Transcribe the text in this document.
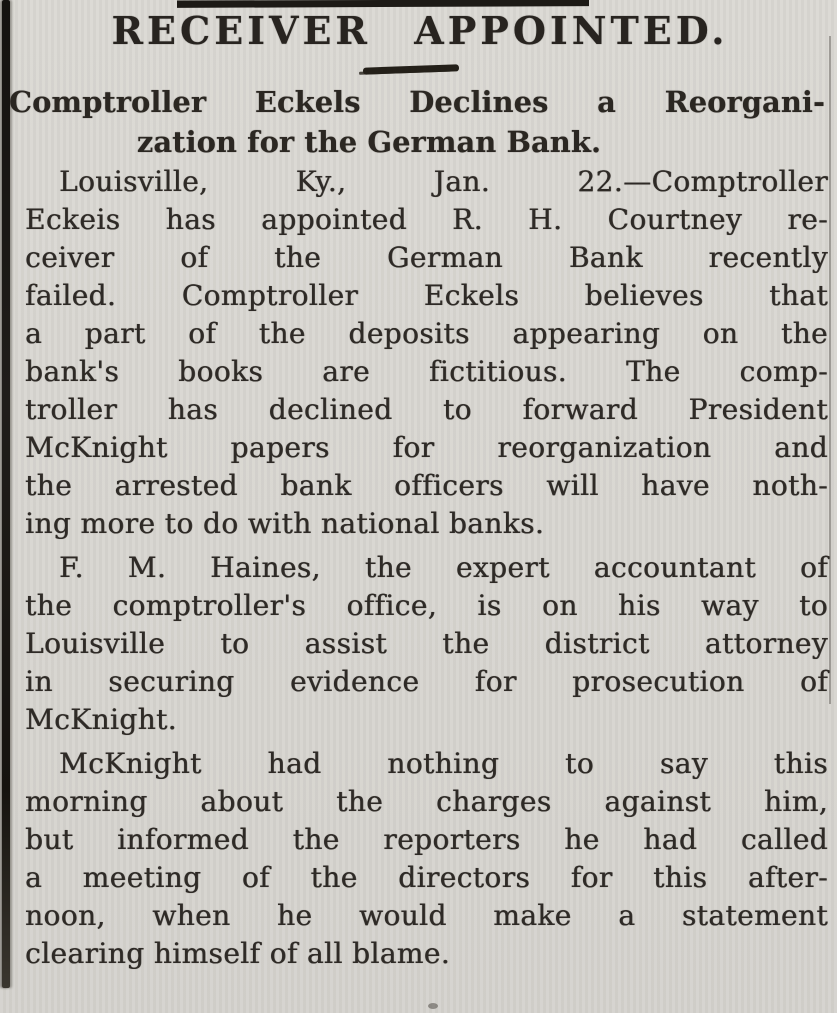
RECEIVER APPOINTED.
Comptroller Eckels Declines a Reorgani-
zation for the German Bank.
Louisville, Ky., Jan. 22.—Comptroller
Eckeis has appointed R. H. Courtney re-
ceiver of the German Bank recently
failed. Comptroller Eckels believes that
a part of the deposits appearing on the
bank's books are fictitious. The comp-
troller has declined to forward President
McKnight papers for reorganization and
the arrested bank officers will have noth-
ing more to do with national banks.
F. M. Haines, the expert accountant of
the comptroller's office, is on his way to
Louisville to assist the district attorney
in securing evidence for prosecution of
McKnight.
McKnight had nothing to say this
morning about the charges against him,
but informed the reporters he had called
a meeting of the directors for this after-
noon, when he would make a statement
clearing himself of all blame.
